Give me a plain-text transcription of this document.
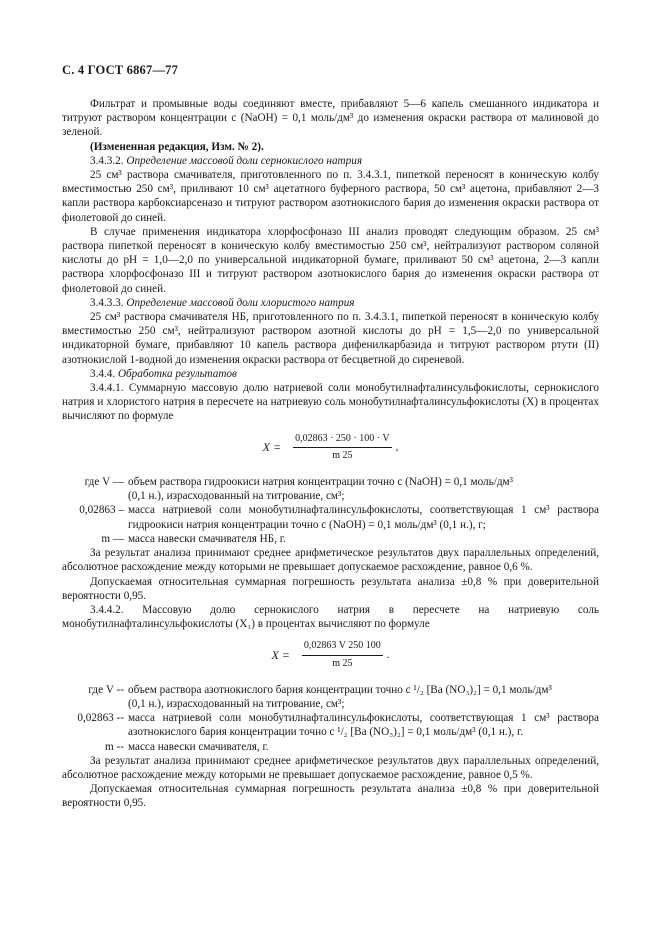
С. 4 ГОСТ 6867—77

Фильтрат и промывные воды соединяют вместе, прибавляют 5—6 капель смешанного индикатора и титруют раствором концентрации c (NaOH) = 0,1 моль/дм³ до изменения окраски раствора от малиновой до зеленой.

(Измененная редакция, Изм. № 2).

3.4.3.2. Определение массовой доли сернокислого натрия

25 см³ раствора смачивателя, приготовленного по п. 3.4.3.1, пипеткой переносят в коническую колбу вместимостью 250 см³, приливают 10 см³ ацетатного буферного раствора, 50 см³ ацетона, прибавляют 2—3 капли раствора карбоксиарсеназо и титруют раствором азотнокислого бария до изменения окраски раствора от фиолетовой до синей.

В случае применения индикатора хлорфосфоназо III анализ проводят следующим образом. 25 см³ раствора пипеткой переносят в коническую колбу вместимостью 250 см³, нейтрализуют раствором соляной кислоты до pH = 1,0—2,0 по универсальной индикаторной бумаге, приливают 50 см³ ацетона, 2—3 капли раствора хлорфосфоназо III и титруют раствором азотнокислого бария до изменения окраски раствора от фиолетовой до синей.

3.4.3.3. Определение массовой доли хлористого натрия

25 см³ раствора смачивателя НБ, приготовленного по п. 3.4.3.1, пипеткой переносят в коническую колбу вместимостью 250 см³, нейтрализуют раствором азотной кислоты до pH = 1,5—2,0 по универсальной индикаторной бумаге, прибавляют 10 капель раствора дифенилкарбазида и титруют раствором ртути (II) азотнокислой 1-водной до изменения окраски раствора от бесцветной до сиреневой.

3.4.4. Обработка результатов

3.4.4.1. Суммарную массовую долю натриевой соли монобутилнафталинсульфокислоты, сернокислого натрия и хлористого натрия в пересчете на натриевую соль монобутилнафталинсульфокислоты (X) в процентах вычисляют по формуле

$X = \frac{0,02863 \cdot 250 \cdot 100 \cdot V}{m 25}$ ,
где V — объем раствора гидроокиси натрия концентрации точно c (NaOH) = 0,1 моль/дм³
(0,1 н.), израсходованный на титрование, см³;
0,02863 – масса натриевой соли монобутилнафталинсульфокислоты, соответствующая 1 см³ раствора гидроокиси натрия концентрации точно c (NaOH) = 0,1 моль/дм³ (0,1 н.), г;
m — масса навески смачивателя НБ, г.

За результат анализа принимают среднее арифметическое результатов двух параллельных определений, абсолютное расхождение между которыми не превышает допускаемое расхождение, равное 0,6 %.

Допускаемая относительная суммарная погрешность результата анализа ±0,8 % при доверительной вероятности 0,95.

3.4.4.2. Массовую долю сернокислого натрия в пересчете на натриевую соль монобутилнафталинсульфокислоты (X₁) в процентах вычисляют по формуле

$X = \frac{0,02863 V 250 100}{m 25}$ .
где V -- объем раствора азотнокислого бария концентрации точно c ¹/₂ [Ba (NO₃)₂] = 0,1 моль/дм³
(0,1 н.), израсходованный на титрование, см³;
0,02863 -- масса натриевой соли монобутилнафталинсульфокислоты, соответствующая 1 см³ раствора азотнокислого бария концентрации точно c ¹/₂ [Ba (NO₃)₂] = 0,1 моль/дм³ (0,1 н.), г.
m -- масса навески смачивателя, г.

За результат анализа принимают среднее арифметическое результатов двух параллельных определений, абсолютное расхождение между которыми не превышает допускаемое расхождение, равное 0,5 %.

Допускаемая относительная суммарная погрешность результата анализа ±0,8 % при доверительной вероятности 0,95.
